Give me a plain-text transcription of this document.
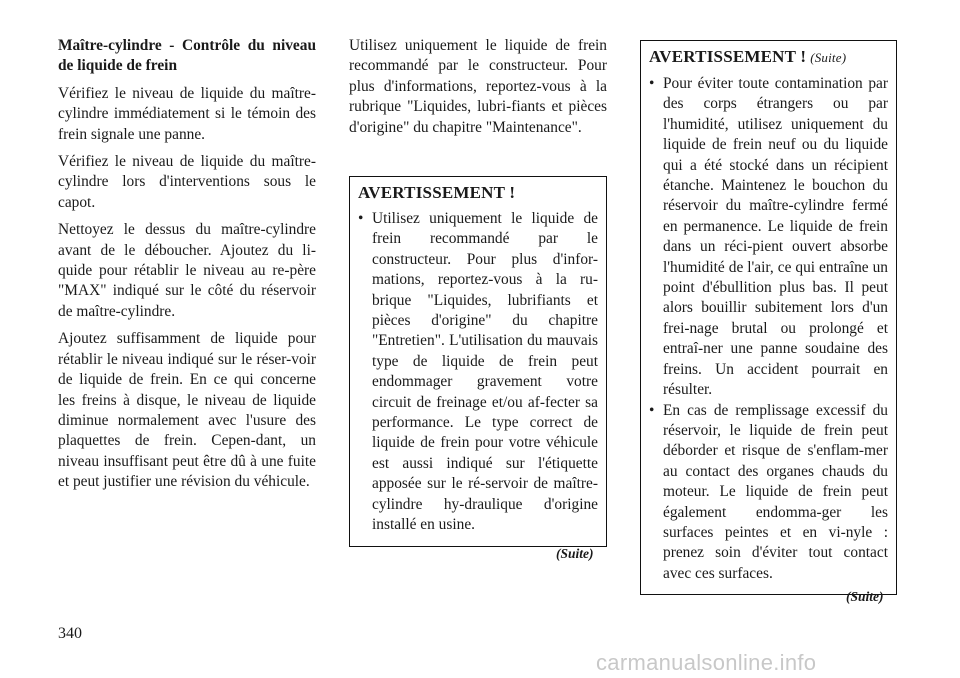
Maître-cylindre - Contrôle du niveau de liquide de frein

Vérifiez le niveau de liquide du maître-cylindre immédiatement si le témoin des frein signale une panne.

Vérifiez le niveau de liquide du maître-cylindre lors d'interventions sous le capot.

Nettoyez le dessus du maître-cylindre avant de le déboucher. Ajoutez du li-quide pour rétablir le niveau au re-père "MAX" indiqué sur le côté du réservoir de maître-cylindre.

Ajoutez suffisamment de liquide pour rétablir le niveau indiqué sur le réser-voir de liquide de frein. En ce qui concerne les freins à disque, le niveau de liquide diminue normalement avec l'usure des plaquettes de frein. Cepen-dant, un niveau insuffisant peut être dû à une fuite et peut justifier une révision du véhicule.

Utilisez uniquement le liquide de frein recommandé par le constructeur. Pour plus d'informations, reportez-vous à la rubrique "Liquides, lubri-fiants et pièces d'origine" du chapitre "Maintenance".

AVERTISSEMENT !
• Utilisez uniquement le liquide de frein recommandé par le constructeur. Pour plus d'infor-mations, reportez-vous à la ru-brique "Liquides, lubrifiants et pièces d'origine" du chapitre "Entretien". L'utilisation du mauvais type de liquide de frein peut endommager gravement votre circuit de freinage et/ou af-fecter sa performance. Le type correct de liquide de frein pour votre véhicule est aussi indiqué sur l'étiquette apposée sur le ré-servoir de maître-cylindre hy-draulique d'origine installé en usine.
(Suite)
AVERTISSEMENT ! (Suite)
• Pour éviter toute contamination par des corps étrangers ou par l'humidité, utilisez uniquement du liquide de frein neuf ou du liquide qui a été stocké dans un récipient étanche. Maintenez le bouchon du réservoir du maître-cylindre fermé en permanence. Le liquide de frein dans un réci-pient ouvert absorbe l'humidité de l'air, ce qui entraîne un point d'ébullition plus bas. Il peut alors bouillir subitement lors d'un frei-nage brutal ou prolongé et entraî-ner une panne soudaine des freins. Un accident pourrait en résulter.
• En cas de remplissage excessif du réservoir, le liquide de frein peut déborder et risque de s'enflam-mer au contact des organes chauds du moteur. Le liquide de frein peut également endomma-ger les surfaces peintes et en vi-nyle : prenez soin d'éviter tout contact avec ces surfaces.
(Suite)
340
carmanualsonline.info
